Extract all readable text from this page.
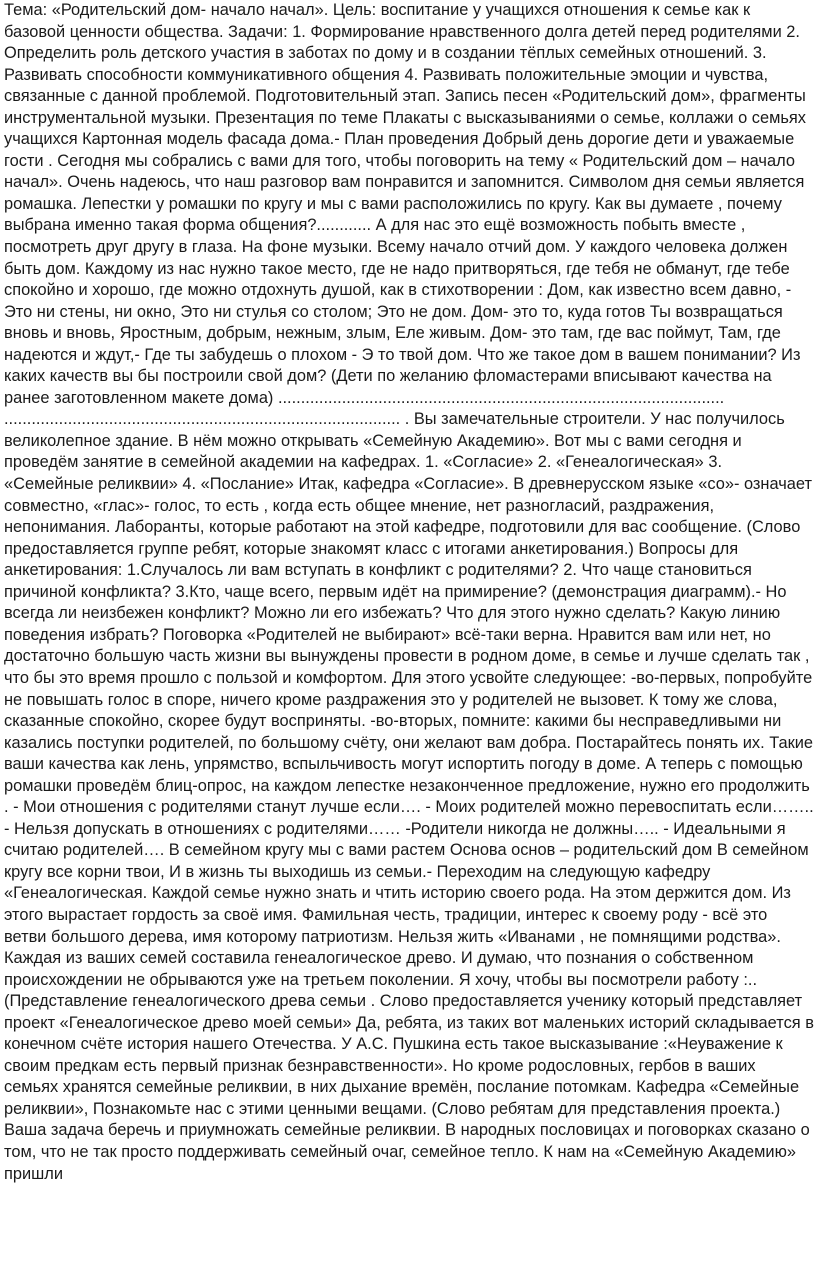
Тема: «Родительский дом- начало начал». Цель: воспитание у учащихся отношения к семье как к базовой ценности общества. Задачи: 1. Формирование нравственного долга детей перед родителями 2. Определить роль детского участия в заботах по дому и в создании тёплых семейных отношений. 3. Развивать способности коммуникативного общения 4. Развивать положительные эмоции и чувства, связанные с данной проблемой. Подготовительный этап. Запись песен «Родительский дом», фрагменты инструментальной музыки. Презентация по теме Плакаты с высказываниями о семье, коллажи о семьях учащихся Картонная модель фасада дома.- План проведения Добрый день дорогие дети и уважаемые гости . Сегодня мы собрались с вами для того, чтобы поговорить на тему « Родительский дом – начало начал». Очень надеюсь, что наш разговор вам понравится и запомнится. Символом дня семьи является ромашка. Лепестки у ромашки по кругу и мы с вами расположились по кругу. Как вы думаете , почему выбрана именно такая форма общения?............ А для нас это ещё возможность побыть вместе , посмотреть друг другу в глаза. На фоне музыки. Всему начало отчий дом. У каждого человека должен быть дом. Каждому из нас нужно такое место, где не надо притворяться, где тебя не обманут, где тебе спокойно и хорошо, где можно отдохнуть душой, как в стихотворении : Дом, как известно всем давно, - Это ни стены, ни окно, Это ни стулья со столом; Это не дом. Дом- это то, куда готов Ты возвращаться вновь и вновь, Яростным, добрым, нежным, злым, Еле живым. Дом- это там, где вас поймут, Там, где надеются и ждут,- Где ты забудешь о плохом - Э то твой дом. Что же такое дом в вашем понимании? Из каких качеств вы бы построили свой дом? (Дети по желанию фломастерами вписывают качества на ранее заготовленном макете дома) .................................................................................................. ....................................................................................... . Вы замечательные строители. У нас получилось великолепное здание. В нём можно открывать «Семейную Академию». Вот мы с вами сегодня и проведём занятие в семейной академии на кафедрах. 1. «Согласие» 2. «Генеалогическая» 3. «Семейные реликвии» 4. «Послание» Итак, кафедра «Согласие». В древнерусском языке «со»- означает совместно, «глас»- голос, то есть , когда есть общее мнение, нет разногласий, раздражения, непонимания. Лаборанты, которые работают на этой кафедре, подготовили для вас сообщение. (Слово предоставляется группе ребят, которые знакомят класс с итогами анкетирования.) Вопросы для анкетирования: 1.Случалось ли вам вступать в конфликт с родителями? 2. Что чаще становиться причиной конфликта? 3.Кто, чаще всего, первым идёт на примирение? (демонстрация диаграмм).- Но всегда ли неизбежен конфликт? Можно ли его избежать? Что для этого нужно сделать? Какую линию поведения избрать? Поговорка «Родителей не выбирают» всё-таки верна. Нравится вам или нет, но достаточно большую часть жизни вы вынуждены провести в родном доме, в семье и лучше сделать так , что бы это время прошло с пользой и комфортом. Для этого усвойте следующее: -во-первых, попробуйте не повышать голос в споре, ничего кроме раздражения это у родителей не вызовет. К тому же слова, сказанные спокойно, скорее будут восприняты. -во-вторых, помните: какими бы несправедливыми ни казались поступки родителей, по большому счёту, они желают вам добра. Постарайтесь понять их. Такие ваши качества как лень, упрямство, вспыльчивость могут испортить погоду в доме. А теперь с помощью ромашки проведём блиц-опрос, на каждом лепестке незаконченное предложение, нужно его продолжить . - Мои отношения с родителями станут лучше если…. - Моих родителей можно перевоспитать если…….. - Нельзя допускать в отношениях с родителями…… -Родители никогда не должны….. - Идеальными я считаю родителей…. В семейном кругу мы с вами растем Основа основ – родительский дом В семейном кругу все корни твои, И в жизнь ты выходишь из семьи.- Переходим на следующую кафедру «Генеалогическая. Каждой семье нужно знать и чтить историю своего рода. На этом держится дом. Из этого вырастает гордость за своё имя. Фамильная честь, традиции, интерес к своему роду - всё это ветви большого дерева, имя которому патриотизм. Нельзя жить «Иванами , не помнящими родства». Каждая из ваших семей составила генеалогическое древо. И думаю, что познания о собственном происхождении не обрываются уже на третьем поколении. Я хочу, чтобы вы посмотрели работу :.. (Представление генеалогического древа семьи . Слово предоставляется ученику который представляет проект «Генеалогическое древо моей семьи» Да, ребята, из таких вот маленьких историй складывается в конечном счёте история нашего Отечества. У А.С. Пушкина есть такое высказывание :«Неуважение к своим предкам есть первый признак безнравственности». Но кроме родословных, гербов в ваших семьях хранятся семейные реликвии, в них дыхание времён, послание потомкам. Кафедра «Семейные реликвии», Познакомьте нас с этими ценными вещами. (Слово ребятам для представления проекта.) Ваша задача беречь и приумножать семейные реликвии. В народных пословицах и поговорках сказано о том, что не так просто поддерживать семейный очаг, семейное тепло. К нам на «Семейную Академию» пришли
